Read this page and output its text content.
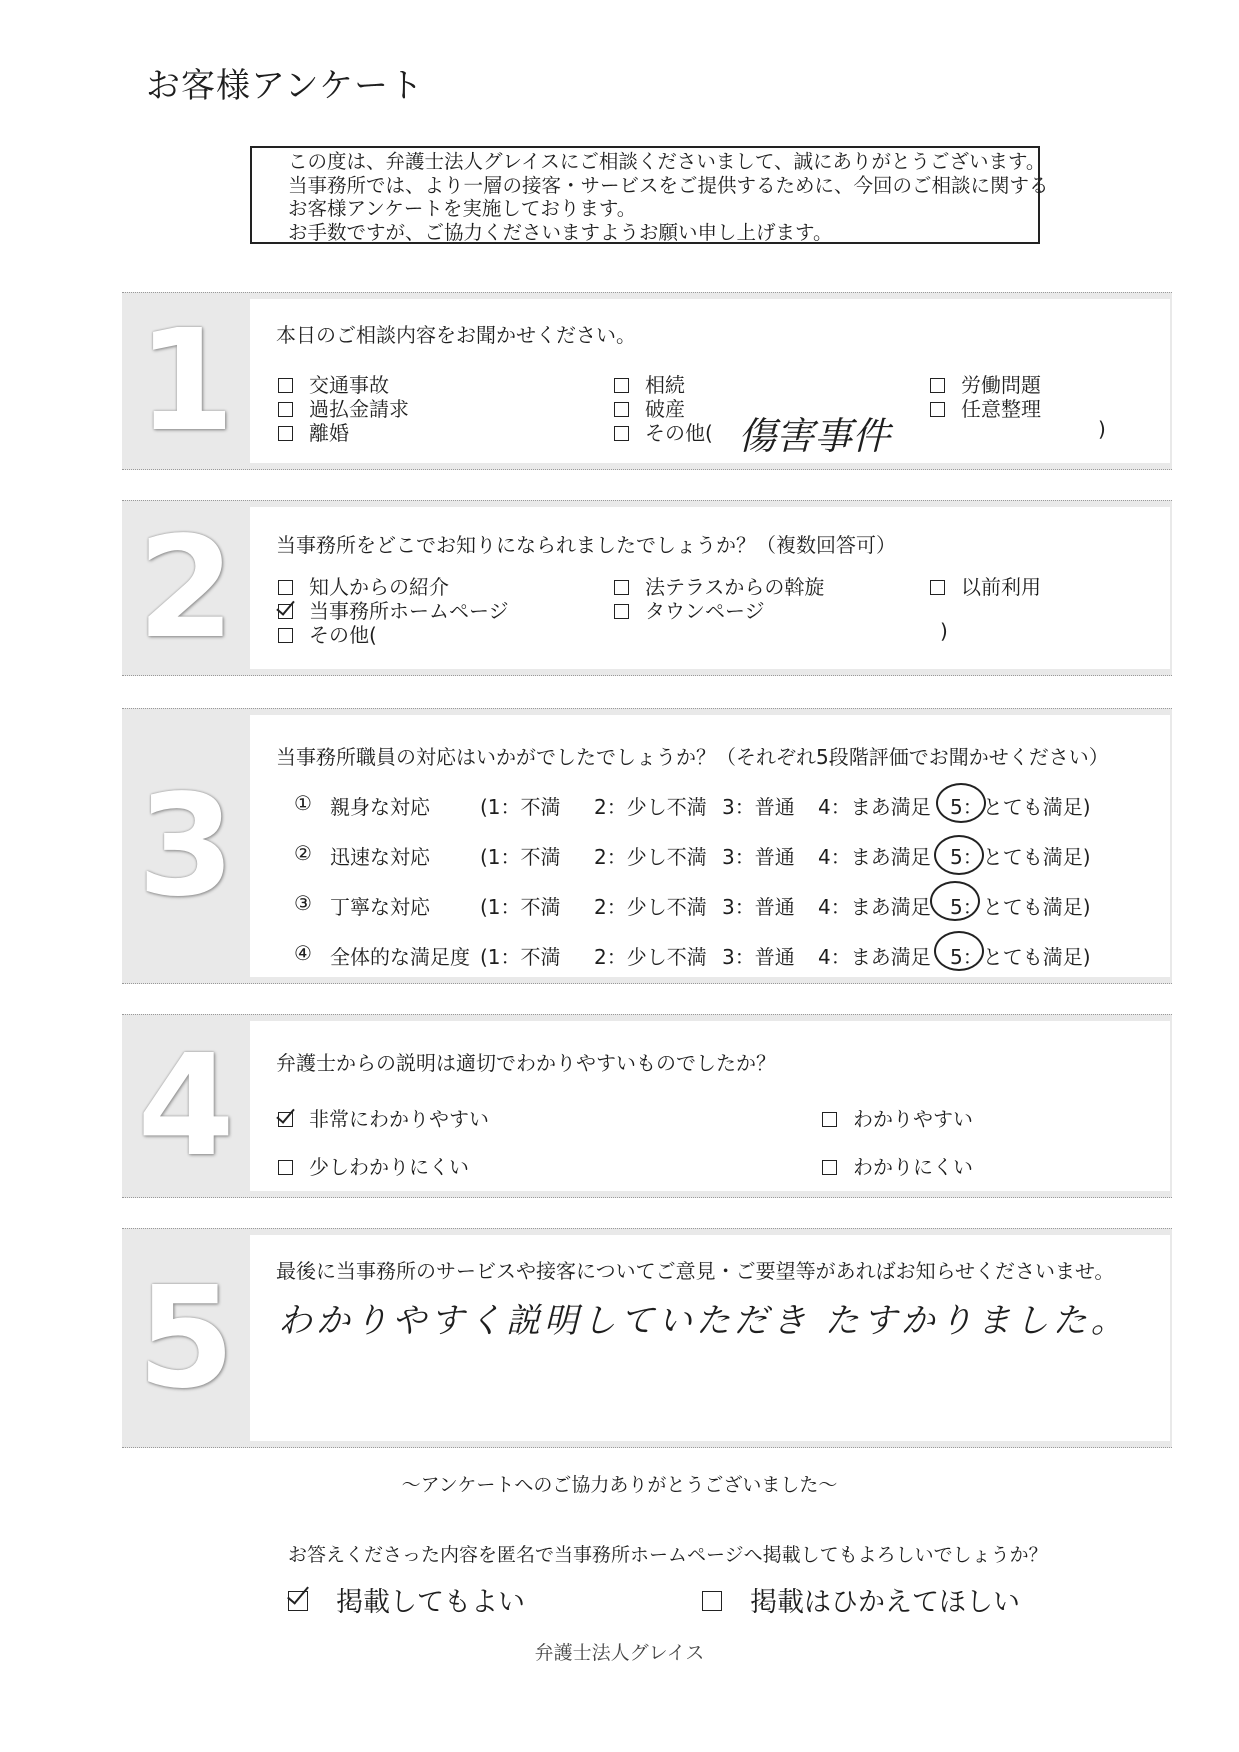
お客様アンケート
この度は、弁護士法人グレイスにご相談くださいまして、誠にありがとうございます。
当事務所では、より一層の接客・サービスをご提供するために、今回のご相談に関する
お客様アンケートを実施しております。
お手数ですが、ご協力くださいますようお願い申し上げます。
1	本日のご相談内容をお聞かせください。
交通事故	相続	労働問題
過払金請求	破産	任意整理
離婚	その他( 傷害事件	)
2	当事務所をどこでお知りになられましたでしょうか？（複数回答可）
知人からの紹介	法テラスからの斡旋	以前利用
当事務所ホームページ	タウンページ
その他(	)
3
当事務所職員の対応はいかがでしたでしょうか？（それぞれ5段階評価でお聞かせください）
① 親身な対応	(1：不満 2：少し不満 3：普通 4：まあ満足 5：とても満足)
② 迅速な対応	(1：不満 2：少し不満 3：普通 4：まあ満足 5：とても満足)
③ 丁寧な対応	(1：不満 2：少し不満 3：普通 4：まあ満足 5：とても満足)
④ 全体的な満足度 (1：不満 2：少し不満 3：普通 4：まあ満足 5：とても満足)
4	弁護士からの説明は適切でわかりやすいものでしたか？
非常にわかりやすい	わかりやすい
少しわかりにくい	わかりにくい
5	最後に当事務所のサービスや接客についてご意見・ご要望等があればお知らせくださいませ。
わかりやすく説明していただき たすかりました。
～アンケートへのご協力ありがとうございました～
お答えくださった内容を匿名で当事務所ホームページへ掲載してもよろしいでしょうか？
掲載してもよい	掲載はひかえてほしい
弁護士法人グレイス
